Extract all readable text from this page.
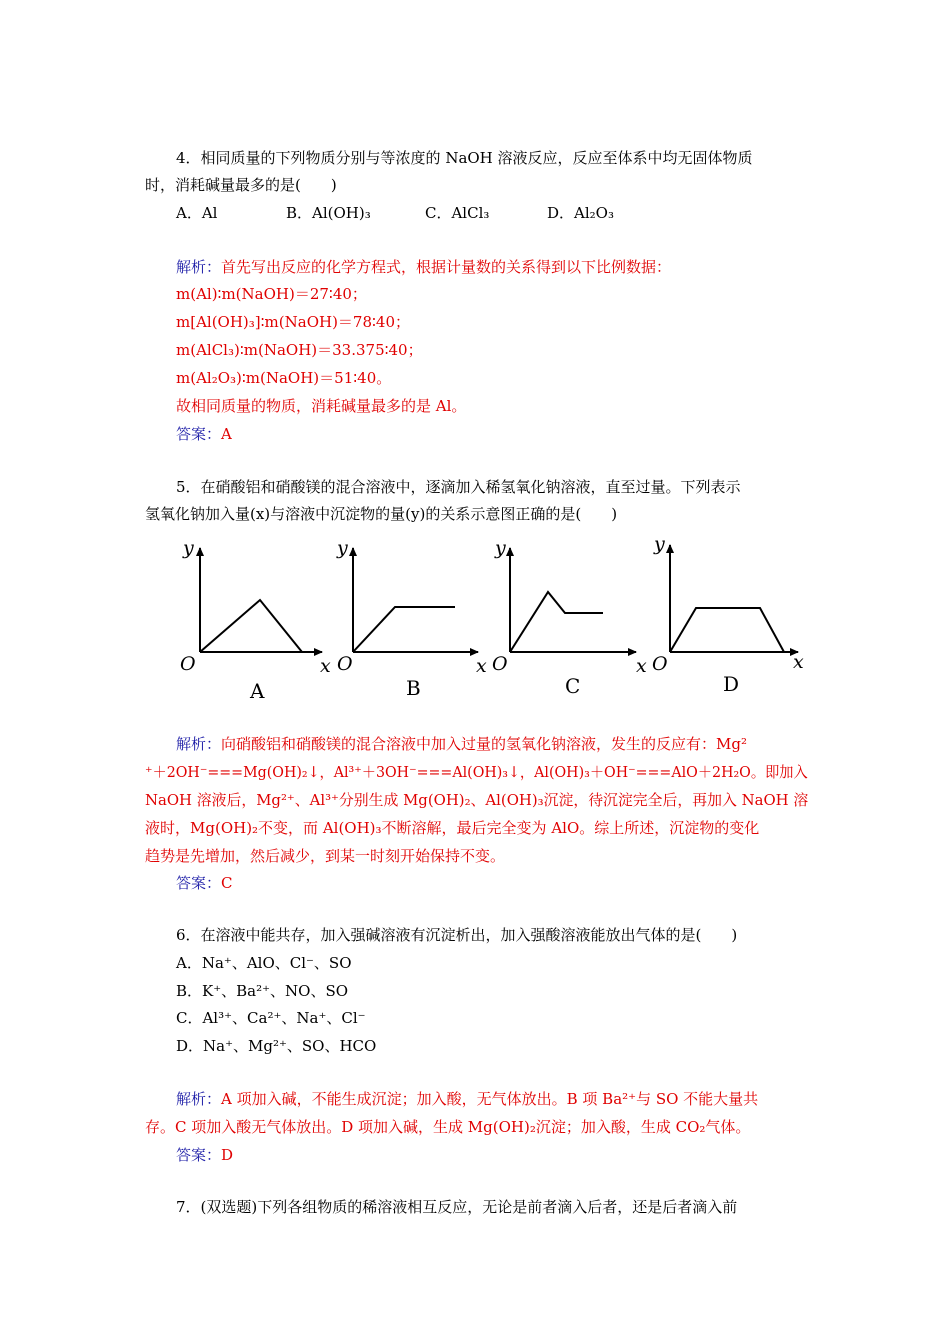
4．相同质量的下列物质分别与等浓度的 NaOH 溶液反应，反应至体系中均无固体物质
时，消耗碱量最多的是(　　)
A．Al	B．Al(OH)₃	C．AlCl₃	D．Al₂O₃
解析：首先写出反应的化学方程式，根据计量数的关系得到以下比例数据：
m(Al)∶m(NaOH)＝27∶40；
m[Al(OH)₃]∶m(NaOH)＝78∶40；
m(AlCl₃)∶m(NaOH)＝33.375∶40；
m(Al₂O₃)∶m(NaOH)＝51∶40。
故相同质量的物质，消耗碱量最多的是 Al。
答案：A
5．在硝酸铝和硝酸镁的混合溶液中，逐滴加入稀氢氧化钠溶液，直至过量。下列表示
氢氧化钠加入量(x)与溶液中沉淀物的量(y)的关系示意图正确的是(　　)
y
O	x
y
O	x
y
O	x
y
O	x
A	B	C	D
解析：向硝酸铝和硝酸镁的混合溶液中加入过量的氢氧化钠溶液，发生的反应有：Mg²
⁺＋2OH⁻===Mg(OH)₂↓，Al³⁺＋3OH⁻===Al(OH)₃↓，Al(OH)₃＋OH⁻===AlO＋2H₂O。即加入
NaOH 溶液后，Mg²⁺、Al³⁺分别生成 Mg(OH)₂、Al(OH)₃沉淀，待沉淀完全后，再加入 NaOH 溶
液时，Mg(OH)₂不变，而 Al(OH)₃不断溶解，最后完全变为 AlO。综上所述，沉淀物的变化
趋势是先增加，然后减少，到某一时刻开始保持不变。
答案：C
6．在溶液中能共存，加入强碱溶液有沉淀析出，加入强酸溶液能放出气体的是(　　)
A．Na⁺、AlO、Cl⁻、SO
B．K⁺、Ba²⁺、NO、SO
C．Al³⁺、Ca²⁺、Na⁺、Cl⁻
D．Na⁺、Mg²⁺、SO、HCO
解析：A 项加入碱，不能生成沉淀；加入酸，无气体放出。B 项 Ba²⁺与 SO 不能大量共
存。C 项加入酸无气体放出。D 项加入碱，生成 Mg(OH)₂沉淀；加入酸，生成 CO₂气体。
答案：D
7．(双选题)下列各组物质的稀溶液相互反应，无论是前者滴入后者，还是后者滴入前
